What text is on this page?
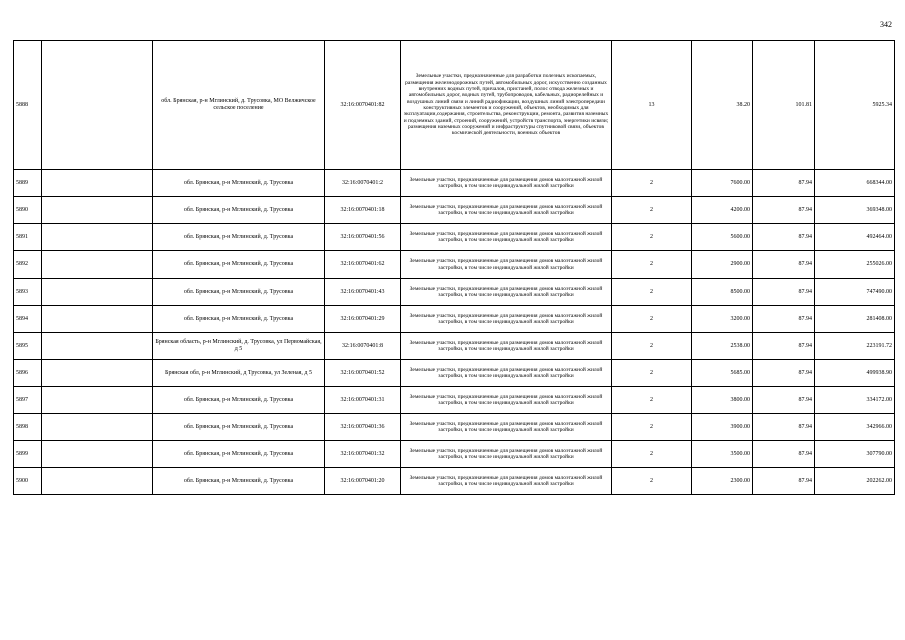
342
5888		обл. Брянская, р-н Мглинский, д. Трусовка, МО Велжичское сельское поселение	32:16:0070401:82	Земельные участки, предназначенные для разработки полезных ископаемых, размещения железнодорожных путей, автомобильных дорог, искусственно созданных внутренних водных путей, причалов, пристаней, полос отвода железных и автомобильных дорог, водных путей, трубопроводов, кабельных, радиорелейных и воздушных линий связи и линий радиофикации, воздушных линий электропередачи конструктивных элементов и сооружений, объектов, необходимых для эксплуатации,содержания, строительства, реконструкции, ремонта, развития наземных и подземных зданий, строений, сооружений, устройств транспорта, энергетики исвязи; размещения наземных сооружений и инфраструктуры спутниковой связи, объектов космической деятельности, военных объектов	13	38.20	101.81	5925.34
5889		обл. Брянская, р-н Мглинский, д. Трусовка	32:16:0070401:2	Земельные участки, предназначенные для размещения домов малоэтажной жилой застройки, в том числе индивидуальной жилой застройки	2	7600.00	87.94	668344.00
5890		обл. Брянская, р-н Мглинский, д. Трусовка	32:16:0070401:18	Земельные участки, предназначенные для размещения домов малоэтажной жилой застройки, в том числе индивидуальной жилой застройки	2	4200.00	87.94	369348.00
5891		обл. Брянская, р-н Мглинский, д. Трусовка	32:16:0070401:56	Земельные участки, предназначенные для размещения домов малоэтажной жилой застройки, в том числе индивидуальной жилой застройки	2	5600.00	87.94	492464.00
5892		обл. Брянская, р-н Мглинский, д. Трусовка	32:16:0070401:62	Земельные участки, предназначенные для размещения домов малоэтажной жилой застройки, в том числе индивидуальной жилой застройки	2	2900.00	87.94	255026.00
5893		обл. Брянская, р-н Мглинский, д. Трусовка	32:16:0070401:43	Земельные участки, предназначенные для размещения домов малоэтажной жилой застройки, в том числе индивидуальной жилой застройки	2	8500.00	87.94	747490.00
5894		обл. Брянская, р-н Мглинский, д. Трусовка	32:16:0070401:29	Земельные участки, предназначенные для размещения домов малоэтажной жилой застройки, в том числе индивидуальной жилой застройки	2	3200.00	87.94	281408.00
5895		Брянская область, р-н Мглинский, д. Трусовка, ул Первомайская, д 5	32:16:0070401:8	Земельные участки, предназначенные для размещения домов малоэтажной жилой застройки, в том числе индивидуальной жилой застройки	2	2538.00	87.94	223191.72
5896		Брянская обл, р-н Мглинский, д Трусовка, ул Зеленая, д 5	32:16:0070401:52	Земельные участки, предназначенные для размещения домов малоэтажной жилой застройки, в том числе индивидуальной жилой застройки	2	5685.00	87.94	499938.90
5897		обл. Брянская, р-н Мглинский, д. Трусовка	32:16:0070401:31	Земельные участки, предназначенные для размещения домов малоэтажной жилой застройки, в том числе индивидуальной жилой застройки	2	3800.00	87.94	334172.00
5898		обл. Брянская, р-н Мглинский, д. Трусовка	32:16:0070401:36	Земельные участки, предназначенные для размещения домов малоэтажной жилой застройки, в том числе индивидуальной жилой застройки	2	3900.00	87.94	342966.00
5899		обл. Брянская, р-н Мглинский, д. Трусовка	32:16:0070401:32	Земельные участки, предназначенные для размещения домов малоэтажной жилой застройки, в том числе индивидуальной жилой застройки	2	3500.00	87.94	307790.00
5900		обл. Брянская, р-н Мглинский, д. Трусовка	32:16:0070401:20	Земельные участки, предназначенные для размещения домов малоэтажной жилой застройки, в том числе индивидуальной жилой застройки	2	2300.00	87.94	202262.00
